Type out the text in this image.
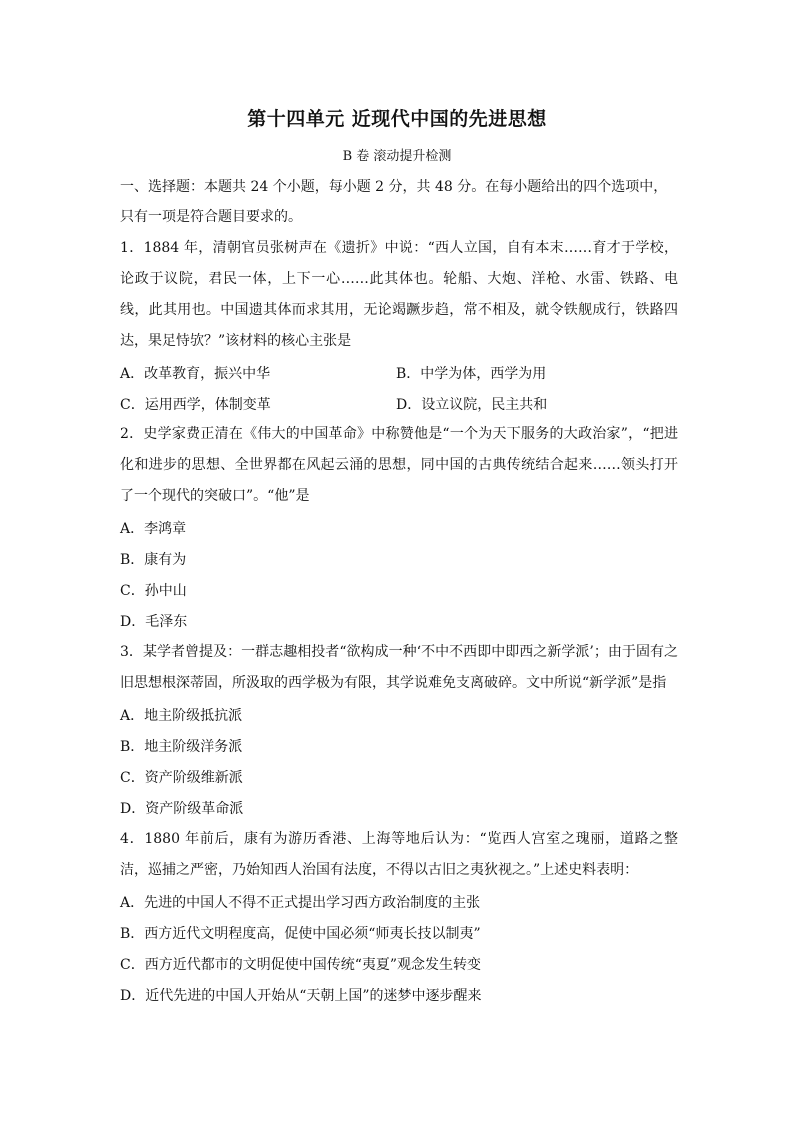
第十四单元 近现代中国的先进思想
B 卷 滚动提升检测
一、选择题：本题共 24 个小题，每小题 2 分，共 48 分。在每小题给出的四个选项中，只有一项是符合题目要求的。
1．1884 年，清朝官员张树声在《遗折》中说：“西人立国，自有本末……育才于学校，论政于议院，君民一体，上下一心……此其体也。轮船、大炮、洋枪、水雷、铁路、电线，此其用也。中国遗其体而求其用，无论竭蹶步趋，常不相及，就令铁舰成行，铁路四达，果足恃欤？”该材料的核心主张是
A．改革教育，振兴中华	B．中学为体，西学为用
C．运用西学，体制变革	D．设立议院，民主共和
2．史学家费正清在《伟大的中国革命》中称赞他是“一个为天下服务的大政治家”，“把进化和进步的思想、全世界都在风起云涌的思想，同中国的古典传统结合起来……领头打开了一个现代的突破口”。“他”是
A．李鸿章
B．康有为
C．孙中山
D．毛泽东
3．某学者曾提及：一群志趣相投者“欲构成一种‘不中不西即中即西之新学派’；由于固有之旧思想根深蒂固，所汲取的西学极为有限，其学说难免支离破碎。文中所说“新学派”是指
A．地主阶级抵抗派
B．地主阶级洋务派
C．资产阶级维新派
D．资产阶级革命派
4．1880 年前后，康有为游历香港、上海等地后认为：“览西人宫室之瑰丽，道路之整洁，巡捕之严密，乃始知西人治国有法度，不得以古旧之夷狄视之。”上述史料表明：
A．先进的中国人不得不正式提出学习西方政治制度的主张
B．西方近代文明程度高，促使中国必须“师夷长技以制夷”
C．西方近代都市的文明促使中国传统“夷夏”观念发生转变
D．近代先进的中国人开始从“天朝上国”的迷梦中逐步醒来
